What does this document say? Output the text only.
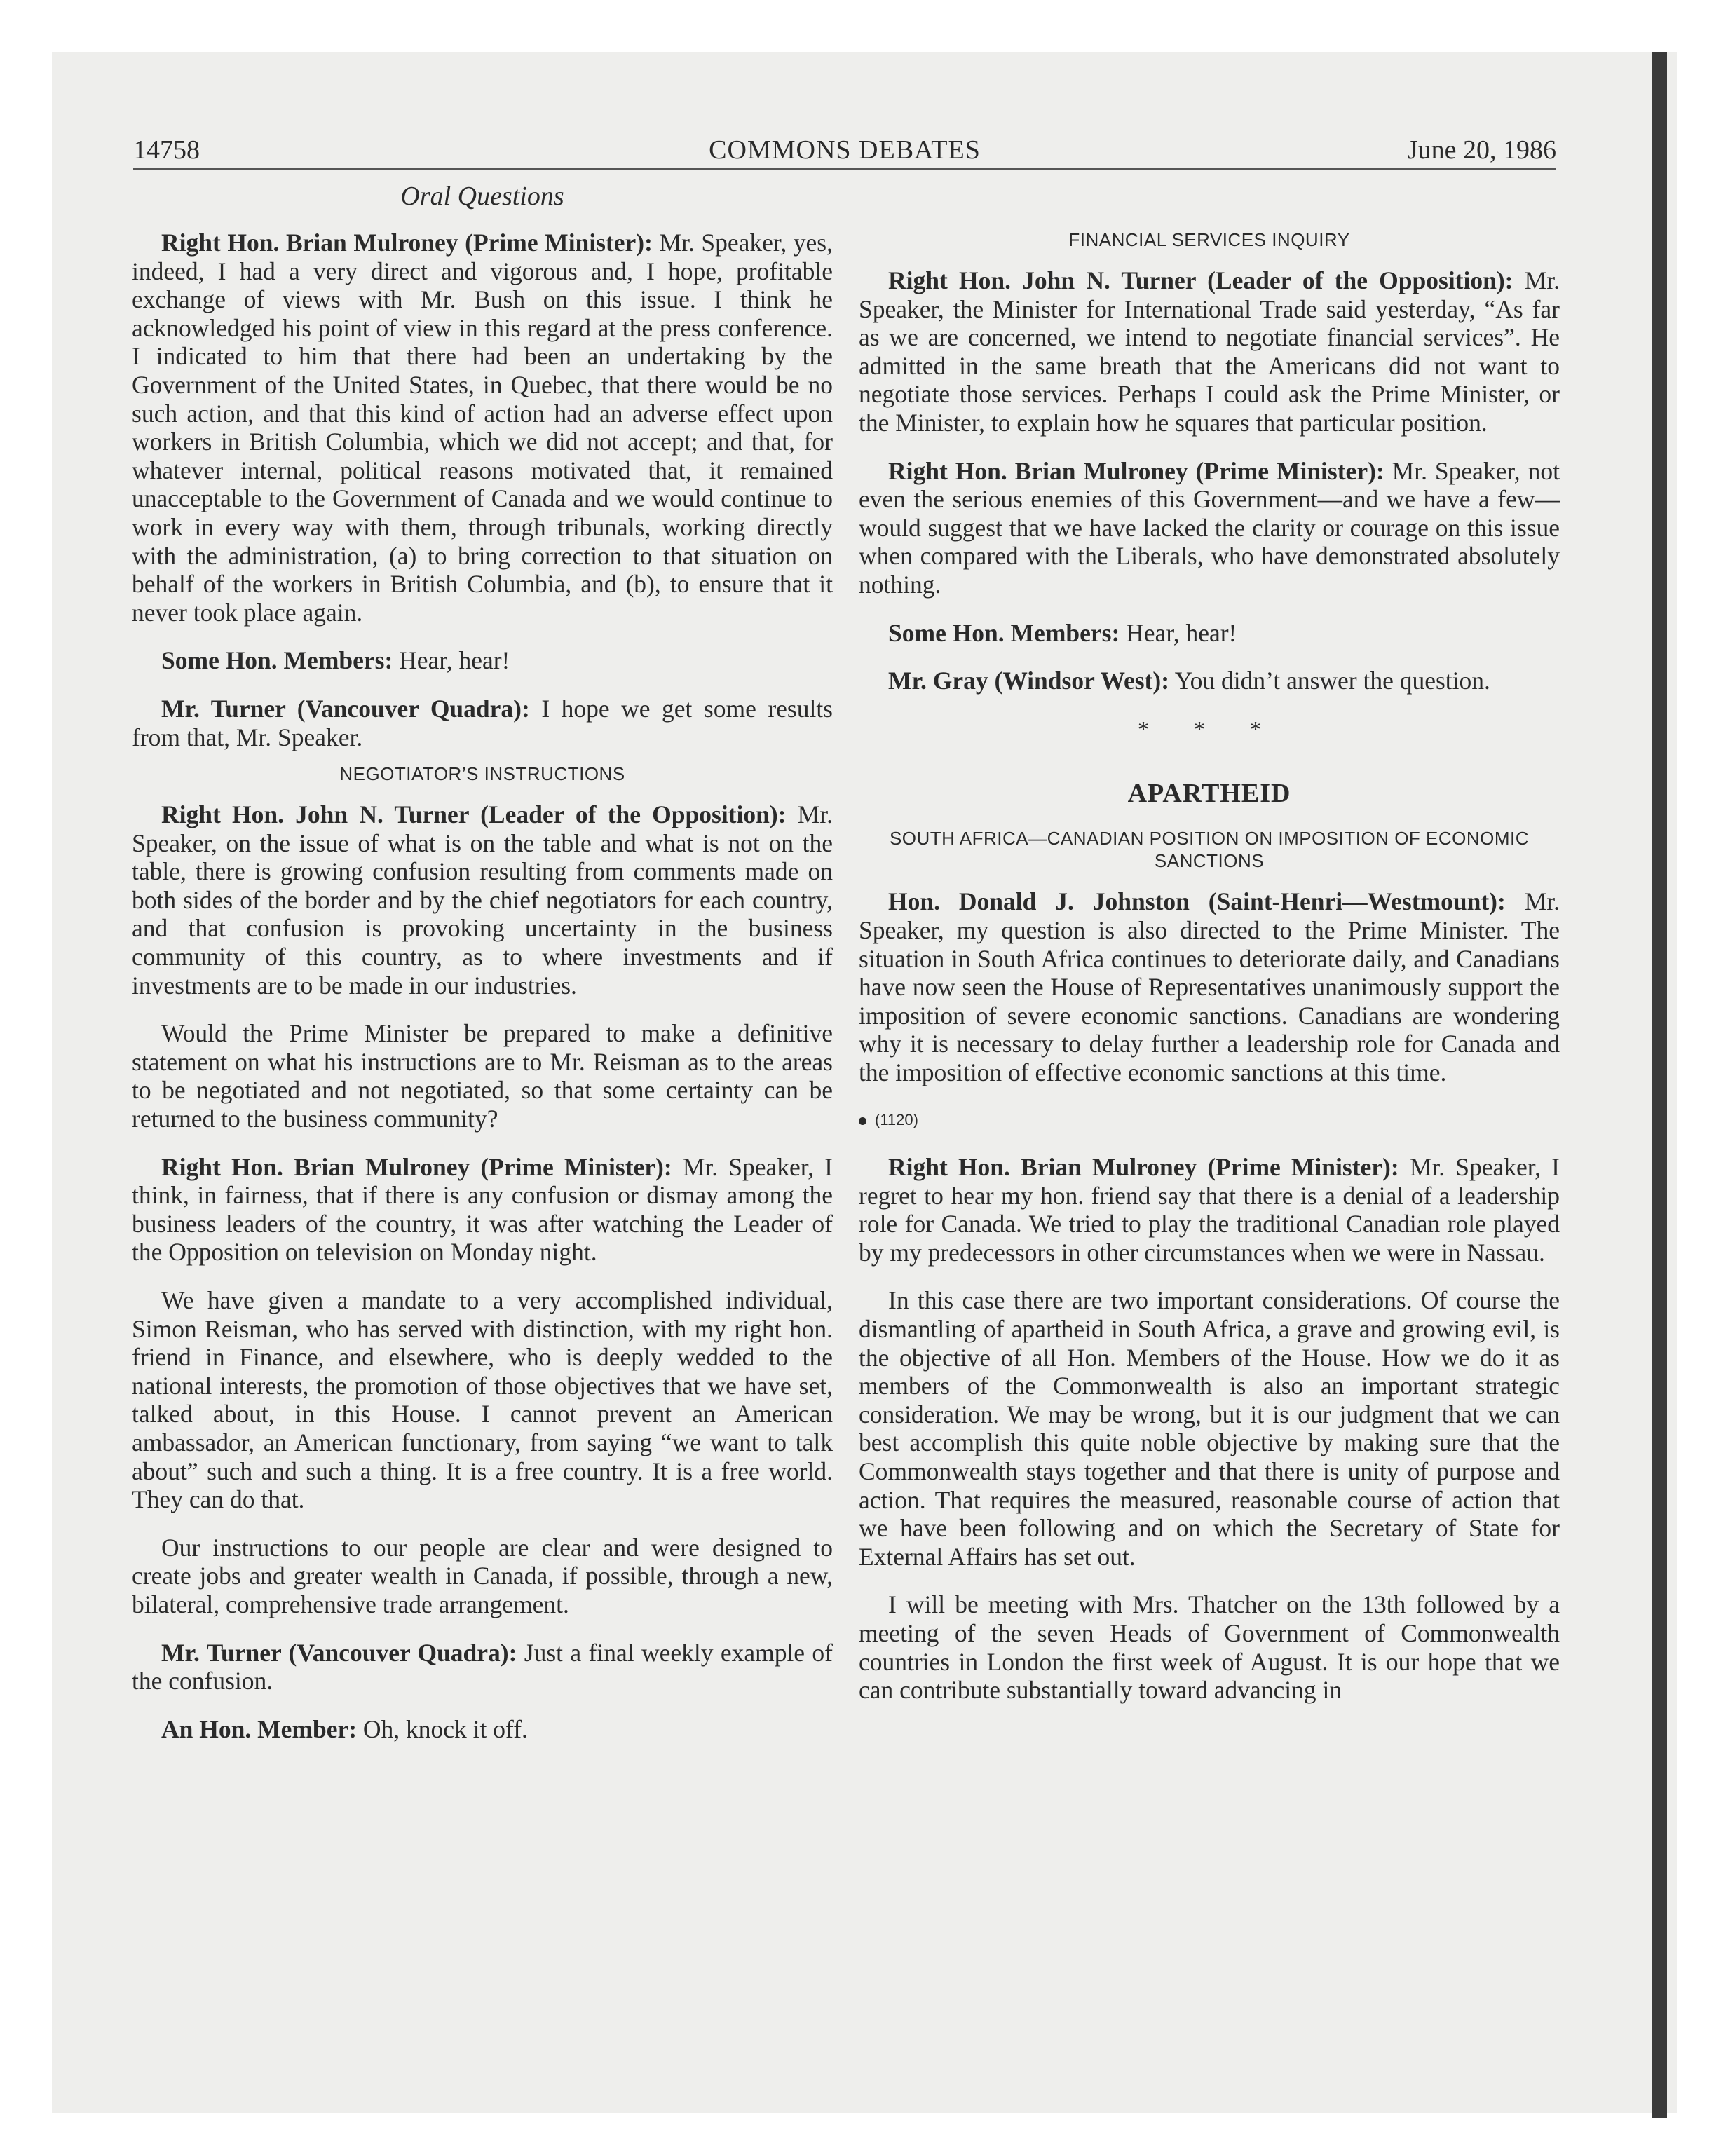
14758	COMMONS DEBATES	June 20, 1986
Oral Questions

Right Hon. Brian Mulroney (Prime Minister): Mr. Speaker, yes, indeed, I had a very direct and vigorous and, I hope, profitable exchange of views with Mr. Bush on this issue. I think he acknowledged his point of view in this regard at the press conference. I indicated to him that there had been an undertaking by the Government of the United States, in Quebec, that there would be no such action, and that this kind of action had an adverse effect upon workers in British Columbia, which we did not accept; and that, for whatever internal, political reasons motivated that, it remained unacceptable to the Government of Canada and we would continue to work in every way with them, through tribunals, working directly with the administration, (a) to bring correction to that situation on behalf of the workers in British Columbia, and (b), to ensure that it never took place again.

Some Hon. Members: Hear, hear!

Mr. Turner (Vancouver Quadra): I hope we get some results from that, Mr. Speaker.

NEGOTIATOR’S INSTRUCTIONS

Right Hon. John N. Turner (Leader of the Opposition): Mr. Speaker, on the issue of what is on the table and what is not on the table, there is growing confusion resulting from comments made on both sides of the border and by the chief negotiators for each country, and that confusion is provoking uncertainty in the business community of this country, as to where investments and if investments are to be made in our industries.

Would the Prime Minister be prepared to make a definitive statement on what his instructions are to Mr. Reisman as to the areas to be negotiated and not negotiated, so that some certainty can be returned to the business community?

Right Hon. Brian Mulroney (Prime Minister): Mr. Speaker, I think, in fairness, that if there is any confusion or dismay among the business leaders of the country, it was after watching the Leader of the Opposition on television on Monday night.

We have given a mandate to a very accomplished individual, Simon Reisman, who has served with distinction, with my right hon. friend in Finance, and elsewhere, who is deeply wedded to the national interests, the promotion of those objectives that we have set, talked about, in this House. I cannot prevent an American ambassador, an American functionary, from saying “we want to talk about” such and such a thing. It is a free country. It is a free world. They can do that.

Our instructions to our people are clear and were designed to create jobs and greater wealth in Canada, if possible, through a new, bilateral, comprehensive trade arrangement.

Mr. Turner (Vancouver Quadra): Just a final weekly example of the confusion.

An Hon. Member: Oh, knock it off.

FINANCIAL SERVICES INQUIRY

Right Hon. John N. Turner (Leader of the Opposition): Mr. Speaker, the Minister for International Trade said yesterday, “As far as we are concerned, we intend to negotiate financial services”. He admitted in the same breath that the Americans did not want to negotiate those services. Perhaps I could ask the Prime Minister, or the Minister, to explain how he squares that particular position.

Right Hon. Brian Mulroney (Prime Minister): Mr. Speaker, not even the serious enemies of this Government—and we have a few—would suggest that we have lacked the clarity or courage on this issue when compared with the Liberals, who have demonstrated absolutely nothing.

Some Hon. Members: Hear, hear!

Mr. Gray (Windsor West): You didn’t answer the question.

* * *
APARTHEID
SOUTH AFRICA—CANADIAN POSITION ON IMPOSITION OF ECONOMIC SANCTIONS

Hon. Donald J. Johnston (Saint-Henri—Westmount): Mr. Speaker, my question is also directed to the Prime Minister. The situation in South Africa continues to deteriorate daily, and Canadians have now seen the House of Representatives unanimously support the imposition of severe economic sanctions. Canadians are wondering why it is necessary to delay further a leadership role for Canada and the imposition of effective economic sanctions at this time.

(1120)

Right Hon. Brian Mulroney (Prime Minister): Mr. Speaker, I regret to hear my hon. friend say that there is a denial of a leadership role for Canada. We tried to play the traditional Canadian role played by my predecessors in other circumstances when we were in Nassau.

In this case there are two important considerations. Of course the dismantling of apartheid in South Africa, a grave and growing evil, is the objective of all Hon. Members of the House. How we do it as members of the Commonwealth is also an important strategic consideration. We may be wrong, but it is our judgment that we can best accomplish this quite noble objective by making sure that the Commonwealth stays together and that there is unity of purpose and action. That requires the measured, reasonable course of action that we have been following and on which the Secretary of State for External Affairs has set out.

I will be meeting with Mrs. Thatcher on the 13th followed by a meeting of the seven Heads of Government of Commonwealth countries in London the first week of August. It is our hope that we can contribute substantially toward advancing in
